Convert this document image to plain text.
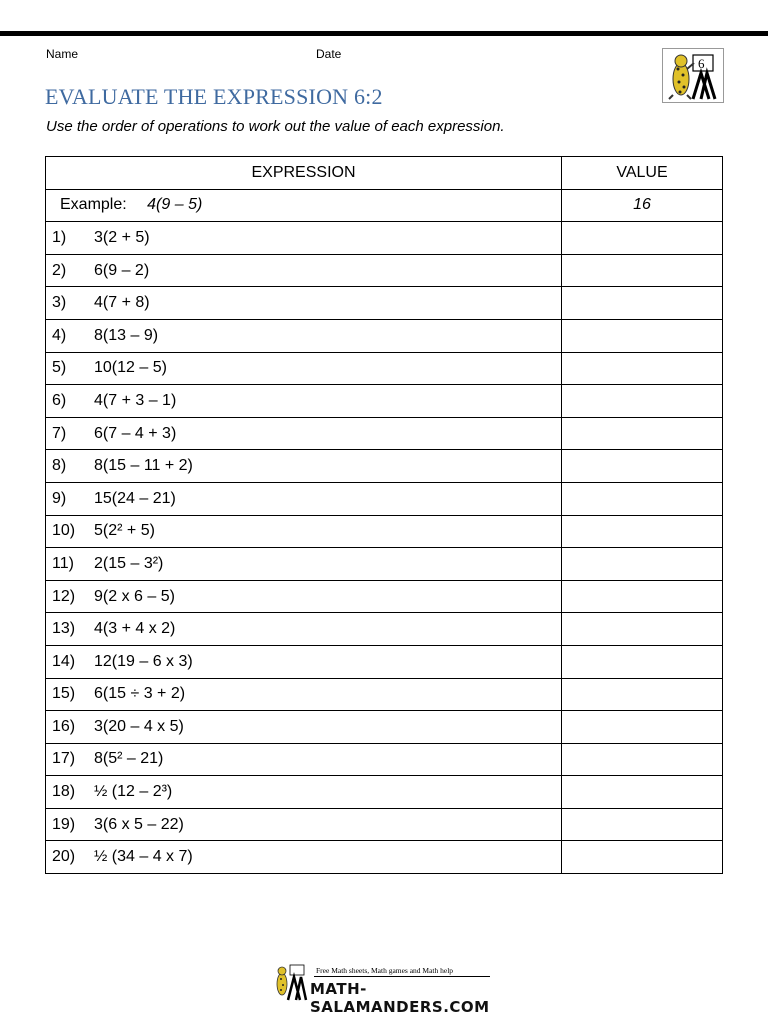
Name	Date
6
EVALUATE THE EXPRESSION 6:2
Use the order of operations to work out the value of each expression.
EXPRESSION	VALUE
Example: 4(9 – 5)	16
1) 3(2 + 5)	
2) 6(9 – 2)	
3) 4(7 + 8)	
4) 8(13 – 9)	
5) 10(12 – 5)	
6) 4(7 + 3 – 1)	
7) 6(7 – 4 + 3)	
8) 8(15 – 11 + 2)	
9) 15(24 – 21)	
10) 5(2² + 5)	
11) 2(15 – 3²)	
12) 9(2 x 6 – 5)	
13) 4(3 + 4 x 2)	
14) 12(19 – 6 x 3)	
15) 6(15 ÷ 3 + 2)	
16) 3(20 – 4 x 5)	
17) 8(5² – 21)	
18) ½ (12 – 2³)	
19) 3(6 x 5 – 22)	
20) ½ (34 – 4 x 7)	
Free Math sheets, Math games and Math help
MATH-SALAMANDERS.COM
